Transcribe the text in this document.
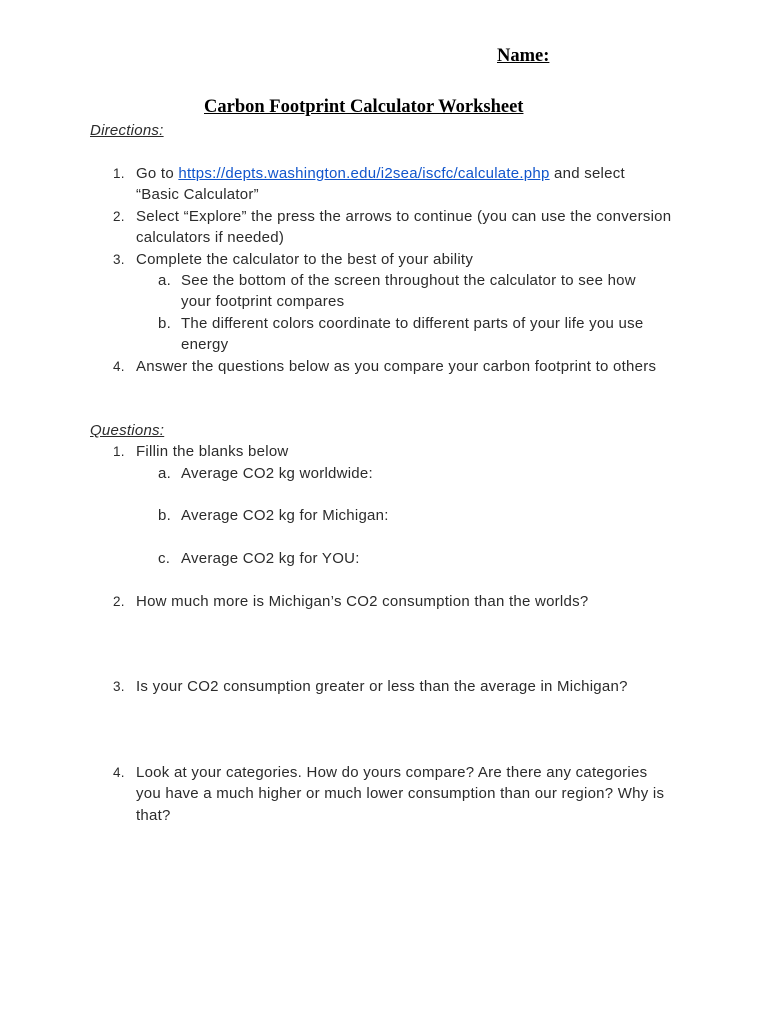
Name:
Carbon Footprint Calculator Worksheet
Directions:
1. Go to https://depts.washington.edu/i2sea/iscfc/calculate.php and select
“Basic Calculator”
2. Select “Explore” the press the arrows to continue (you can use the conversion
calculators if needed)
3. Complete the calculator to the best of your ability
a. See the bottom of the screen throughout the calculator to see how
your footprint compares
b. The different colors coordinate to different parts of your life you use
energy
4. Answer the questions below as you compare your carbon footprint to others
Questions:
1. Fillin the blanks below
a. Average CO2 kg worldwide:
b. Average CO2 kg for Michigan:
c. Average CO2 kg for YOU:
2. How much more is Michigan’s CO2 consumption than the worlds?
3. Is your CO2 consumption greater or less than the average in Michigan?
4. Look at your categories. How do yours compare? Are there any categories
you have a much higher or much lower consumption than our region? Why is
that?
